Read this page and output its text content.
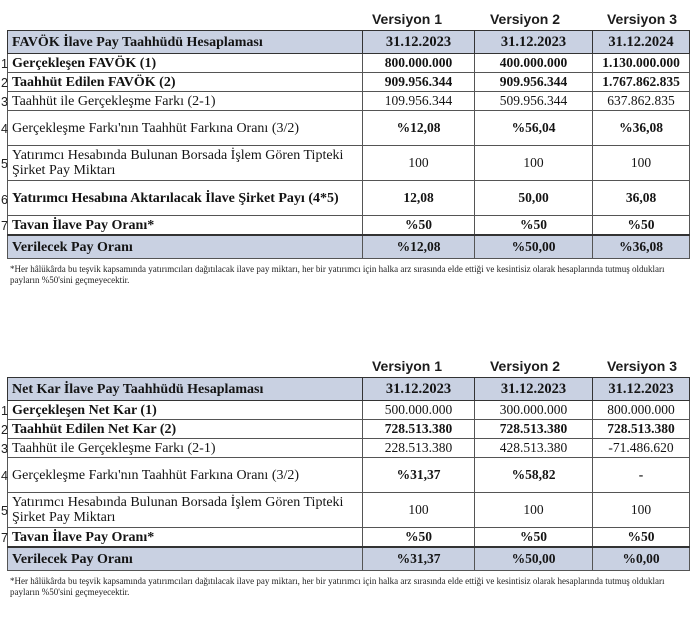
Versiyon 1	Versiyon 2	Versiyon 3
FAVÖK İlave Pay Taahhüdü Hesaplaması	31.12.2023	31.12.2023	31.12.2024
Gerçekleşen FAVÖK (1)	800.000.000	400.000.000	1.130.000.000
Taahhüt Edilen FAVÖK (2)	909.956.344	909.956.344	1.767.862.835
Taahhüt ile Gerçekleşme Farkı (2-1)	109.956.344	509.956.344	637.862.835
Gerçekleşme Farkı'nın Taahhüt Farkına Oranı (3/2)	%12,08	%56,04	%36,08
Yatırımcı Hesabında Bulunan Borsada İşlem Gören Tipteki Şirket Pay Miktarı	100	100	100
Yatırımcı Hesabına Aktarılacak İlave Şirket Payı (4*5)	12,08	50,00	36,08
Tavan İlave Pay Oranı*	%50	%50	%50
Verilecek Pay Oranı	%12,08	%50,00	%36,08
1
2
3
4
5
6
7
*Her hâlükârda bu teşvik kapsamında yatırımcıları dağıtılacak ilave pay miktarı, her bir yatırımcı için halka arz sırasında elde ettiği ve kesintisiz olarak hesaplarında tutmuş oldukları payların %50'sini geçmeyecektir.
Versiyon 1	Versiyon 2	Versiyon 3
Net Kar İlave Pay Taahhüdü Hesaplaması	31.12.2023	31.12.2023	31.12.2023
Gerçekleşen Net Kar (1)	500.000.000	300.000.000	800.000.000
Taahhüt Edilen Net Kar (2)	728.513.380	728.513.380	728.513.380
Taahhüt ile Gerçekleşme Farkı (2-1)	228.513.380	428.513.380	-71.486.620
Gerçekleşme Farkı'nın Taahhüt Farkına Oranı (3/2)	%31,37	%58,82	-
Yatırımcı Hesabında Bulunan Borsada İşlem Gören Tipteki Şirket Pay Miktarı	100	100	100
Tavan İlave Pay Oranı*	%50	%50	%50
Verilecek Pay Oranı	%31,37	%50,00	%0,00
1
2
3
4
5
7
*Her hâlükârda bu teşvik kapsamında yatırımcıları dağıtılacak ilave pay miktarı, her bir yatırımcı için halka arz sırasında elde ettiği ve kesintisiz olarak hesaplarında tutmuş oldukları payların %50'sini geçmeyecektir.
